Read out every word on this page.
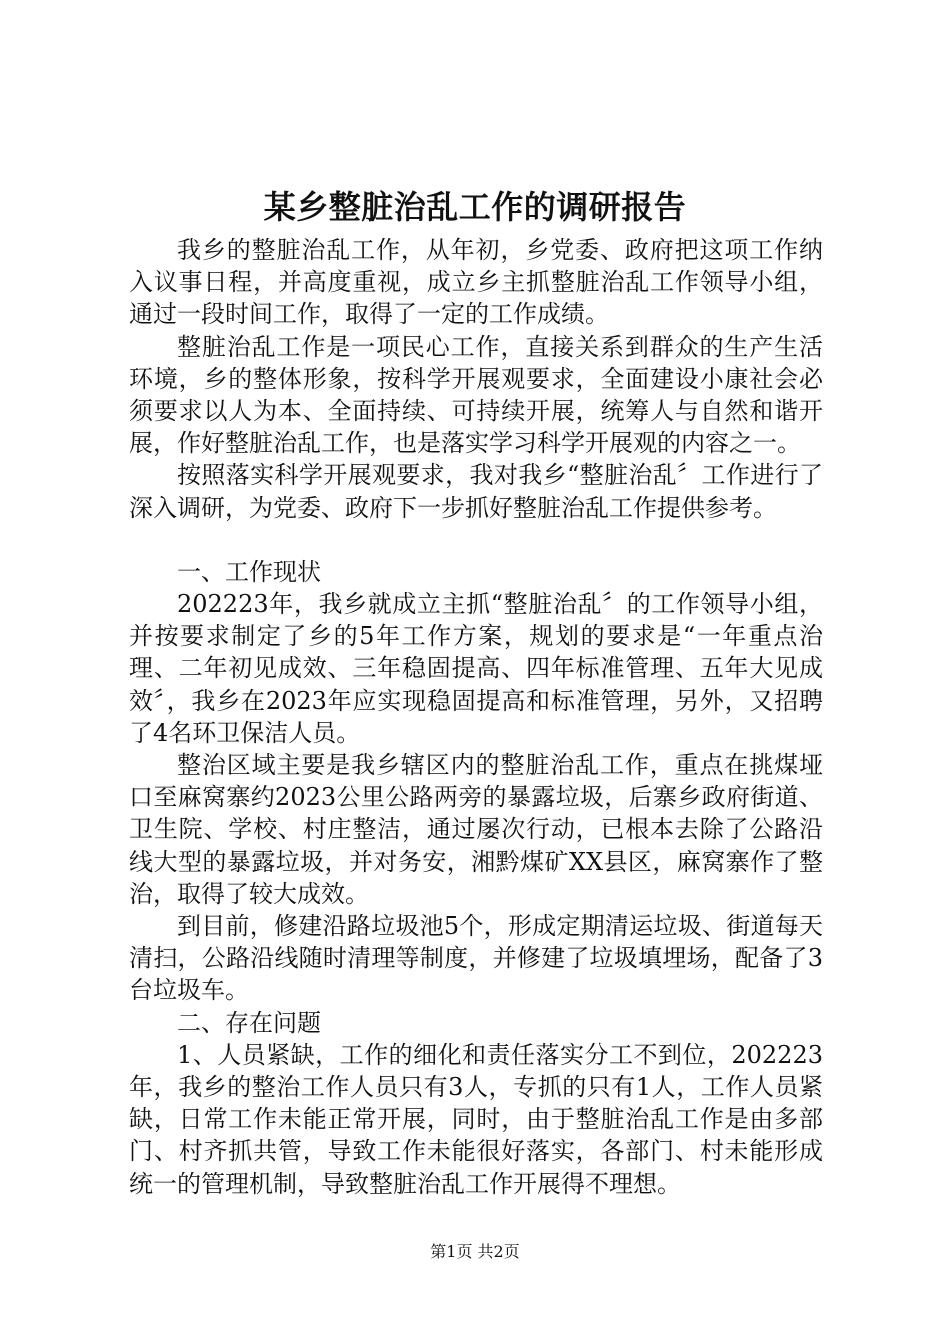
某乡整脏治乱工作的调研报告

我乡的整脏治乱工作，从年初，乡党委、政府把这项工作纳入议事日程，并高度重视，成立乡主抓整脏治乱工作领导小组，通过一段时间工作，取得了一定的工作成绩。

整脏治乱工作是一项民心工作，直接关系到群众的生产生活环境，乡的整体形象，按科学开展观要求，全面建设小康社会必须要求以人为本、全面持续、可持续开展，统筹人与自然和谐开展，作好整脏治乱工作，也是落实学习科学开展观的内容之一。

按照落实科学开展观要求，我对我乡“整脏治乱〞工作进行了深入调研，为党委、政府下一步抓好整脏治乱工作提供参考。

一、工作现状

202223年，我乡就成立主抓“整脏治乱〞的工作领导小组，并按要求制定了乡的5年工作方案，规划的要求是“一年重点治理、二年初见成效、三年稳固提高、四年标准管理、五年大见成效〞，我乡在2023年应实现稳固提高和标准管理，另外，又招聘了4名环卫保洁人员。

整治区域主要是我乡辖区内的整脏治乱工作，重点在挑煤垭口至麻窝寨约2023公里公路两旁的暴露垃圾，后寨乡政府街道、卫生院、学校、村庄整洁，通过屡次行动，已根本去除了公路沿线大型的暴露垃圾，并对务安，湘黔煤矿XX县区，麻窝寨作了整治，取得了较大成效。

到目前，修建沿路垃圾池5个，形成定期清运垃圾、街道每天清扫，公路沿线随时清理等制度，并修建了垃圾填埋场，配备了3台垃圾车。

二、存在问题

1、人员紧缺，工作的细化和责任落实分工不到位，202223年，我乡的整治工作人员只有3人，专抓的只有1人，工作人员紧缺，日常工作未能正常开展，同时，由于整脏治乱工作是由多部门、村齐抓共管，导致工作未能很好落实，各部门、村未能形成统一的管理机制，导致整脏治乱工作开展得不理想。

第1页 共2页
